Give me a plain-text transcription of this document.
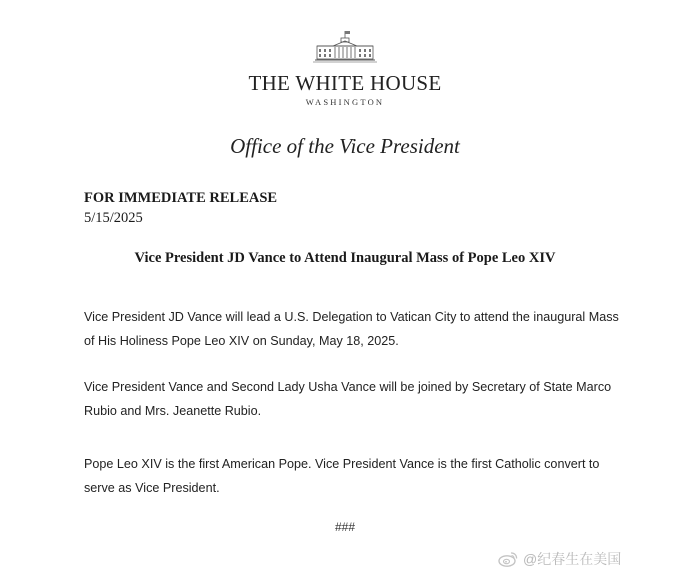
THE WHITE HOUSE
WASHINGTON
Office of the Vice President
FOR IMMEDIATE RELEASE
5/15/2025
Vice President JD Vance to Attend Inaugural Mass of Pope Leo XIV

Vice President JD Vance will lead a U.S. Delegation to Vatican City to attend the inaugural Mass of His Holiness Pope Leo XIV on Sunday, May 18, 2025.

Vice President Vance and Second Lady Usha Vance will be joined by Secretary of State Marco Rubio and Mrs. Jeanette Rubio.

Pope Leo XIV is the first American Pope. Vice President Vance is the first Catholic convert to serve as Vice President.

###
@纪春生在美国
